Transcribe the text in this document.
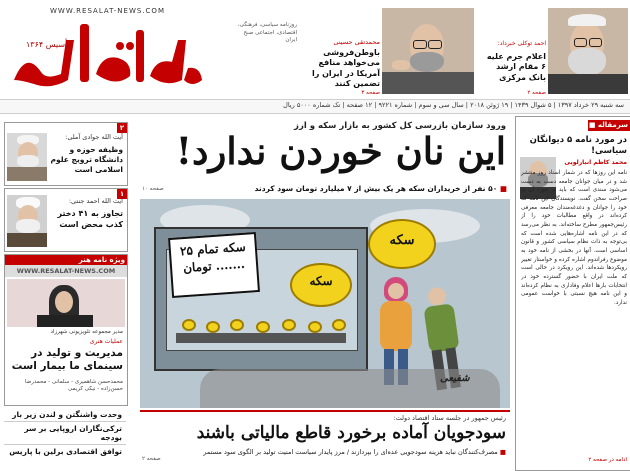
WWW.RESALAT-NEWS.COM
۱۳۶۴ تأسیس
روزنامه سیاسی، فرهنگی، اقتصادی، اجتماعی صبح ایران	محمدتقی حسینی
باوطن‌فروشی می‌خواهد منافع آمریکا در ایران را تضمین کنند
صفحه ۳
احمد توکلی خبرداد:
اعلام جرم علیه ۶ مقام ارشد بانک مرکزی
صفحه ۲
سه شنبه ۲۹ خرداد ۱۳۹۷ | ۵ شوال ۱۴۳۹ | ۱۹ ژوئن ۲۰۱۸ | سال سی و سوم | شماره ۹۲۲۱ | ۱۲ صفحه | تک شماره ۵۰۰۰ ریال
۲
آیت الله جوادی آملی:
وظیفه حوزه و دانشگاه ترویج علوم اسلامی است
۱
آیت الله احمد جنتی:
تجاوز به ۴۱ دختر کذب محض است
ویژه نامه هنر
WWW.RESALAT-NEWS.COM
مدیر مجموعه تلویزیونی شهرزاد
عملیات هنری
مدیریت و تولید در سینمای ما بیمار است
محمدحسن شاهمیری - سلمانی - محمدرضا حسن‌زاده - نیکی کریمی
وحدت واشنگتن و لندن زیر بار
ترکی‌نگاران اروپایی بر سر بودجه
توافق اقتصادی برلین با پاریس
ورود سازمان بازرسی کل کشور به بازار سکه و ارز
این نان خوردن ندارد!
■ ۵۰ نفر از خریداران سکه هر یک بیش از ۷ میلیارد تومان سود کردند
صفحه ۱۰
سکه تمام ۲۵ ....... تومان
سکه
سکه
شفیعی
رئیس جمهور در جلسه ستاد اقتصاد دولت:
سودجویان آماده برخورد قاطع مالیاتی باشند
■ مصرف‌کنندگان نباید هزینه سودجویی عده‌ای را بپردازند / مرز پایدار سیاست امنیت تولید بر الگوی سود مستمر
صفحه ۲
سرمقاله ■
در مورد نامه ۵ دیوانگان سیاسی!
محمد کاظم انبارلویی
نامه این روزها که در شمار اسناد روز منتشر شد و در میان جوانان جامعه دست به دست می‌شود سندی است که باید در مورد آن به صراحت سخن گفت. نویسندگان این نامه که خود را جوانان و دغدغه‌مندان جامعه معرفی کرده‌اند در واقع مطالبات خود را از رئیس‌جمهور مطرح ساخته‌اند. به نظر می‌رسد که در این نامه اشاره‌هایی شده است که بی‌توجه به ذات نظام سیاسی کشور و قانون اساسی است. آنها در بخشی از نامه خود به موضوع رفراندوم اشاره کرده و خواستار تغییر رویکردها شده‌اند. این رویکرد در حالی است که ملت ایران با حضور گسترده خود در انتخابات بارها اعلام وفاداری به نظام کرده‌اند و این نامه هیچ نسبتی با خواست عمومی ندارد.
ادامه در صفحه ۲
